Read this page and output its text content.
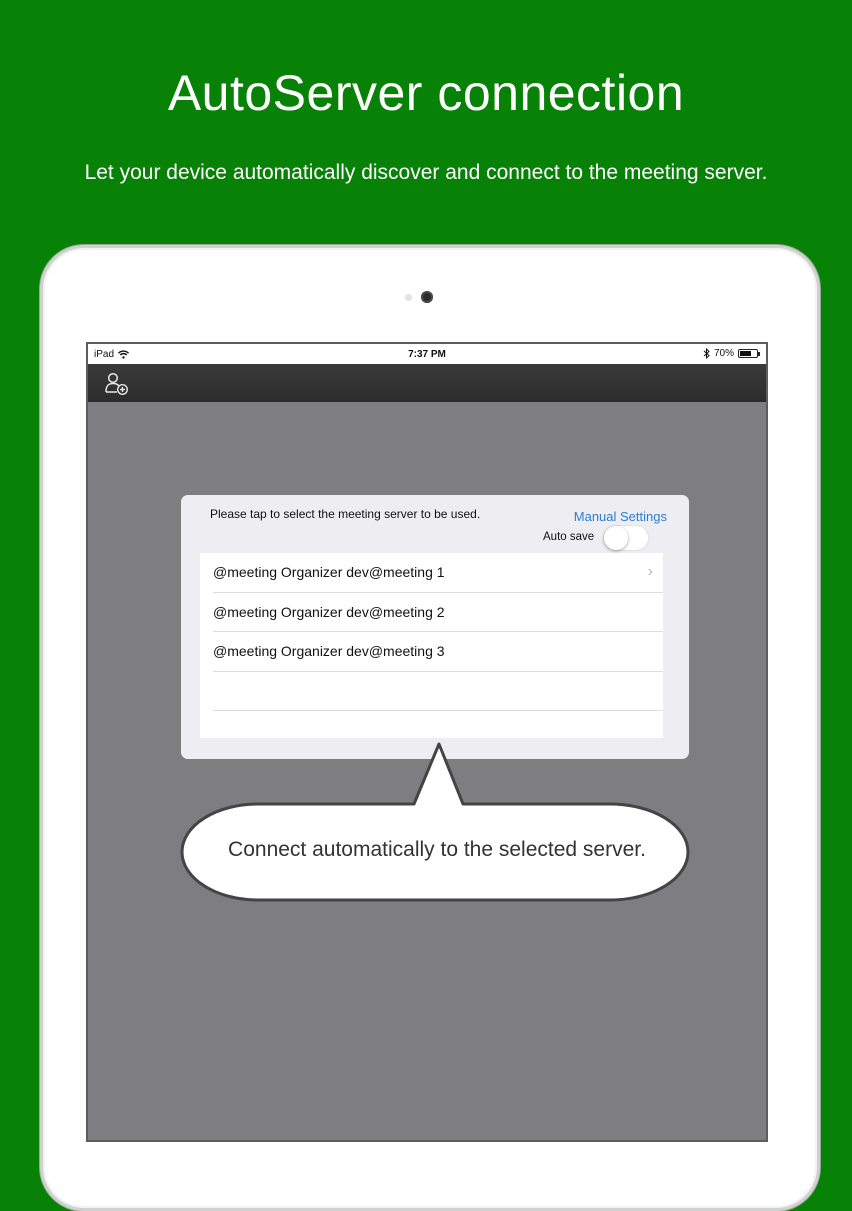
AutoServer connection
Let your device automatically discover and connect to the meeting server.
iPad	7:37 PM	70%
Please tap to select the meeting server to be used.	Manual Settings
Auto save
@meeting Organizer dev@meeting 1	›
@meeting Organizer dev@meeting 2
@meeting Organizer dev@meeting 3
Connect automatically to the selected server.
